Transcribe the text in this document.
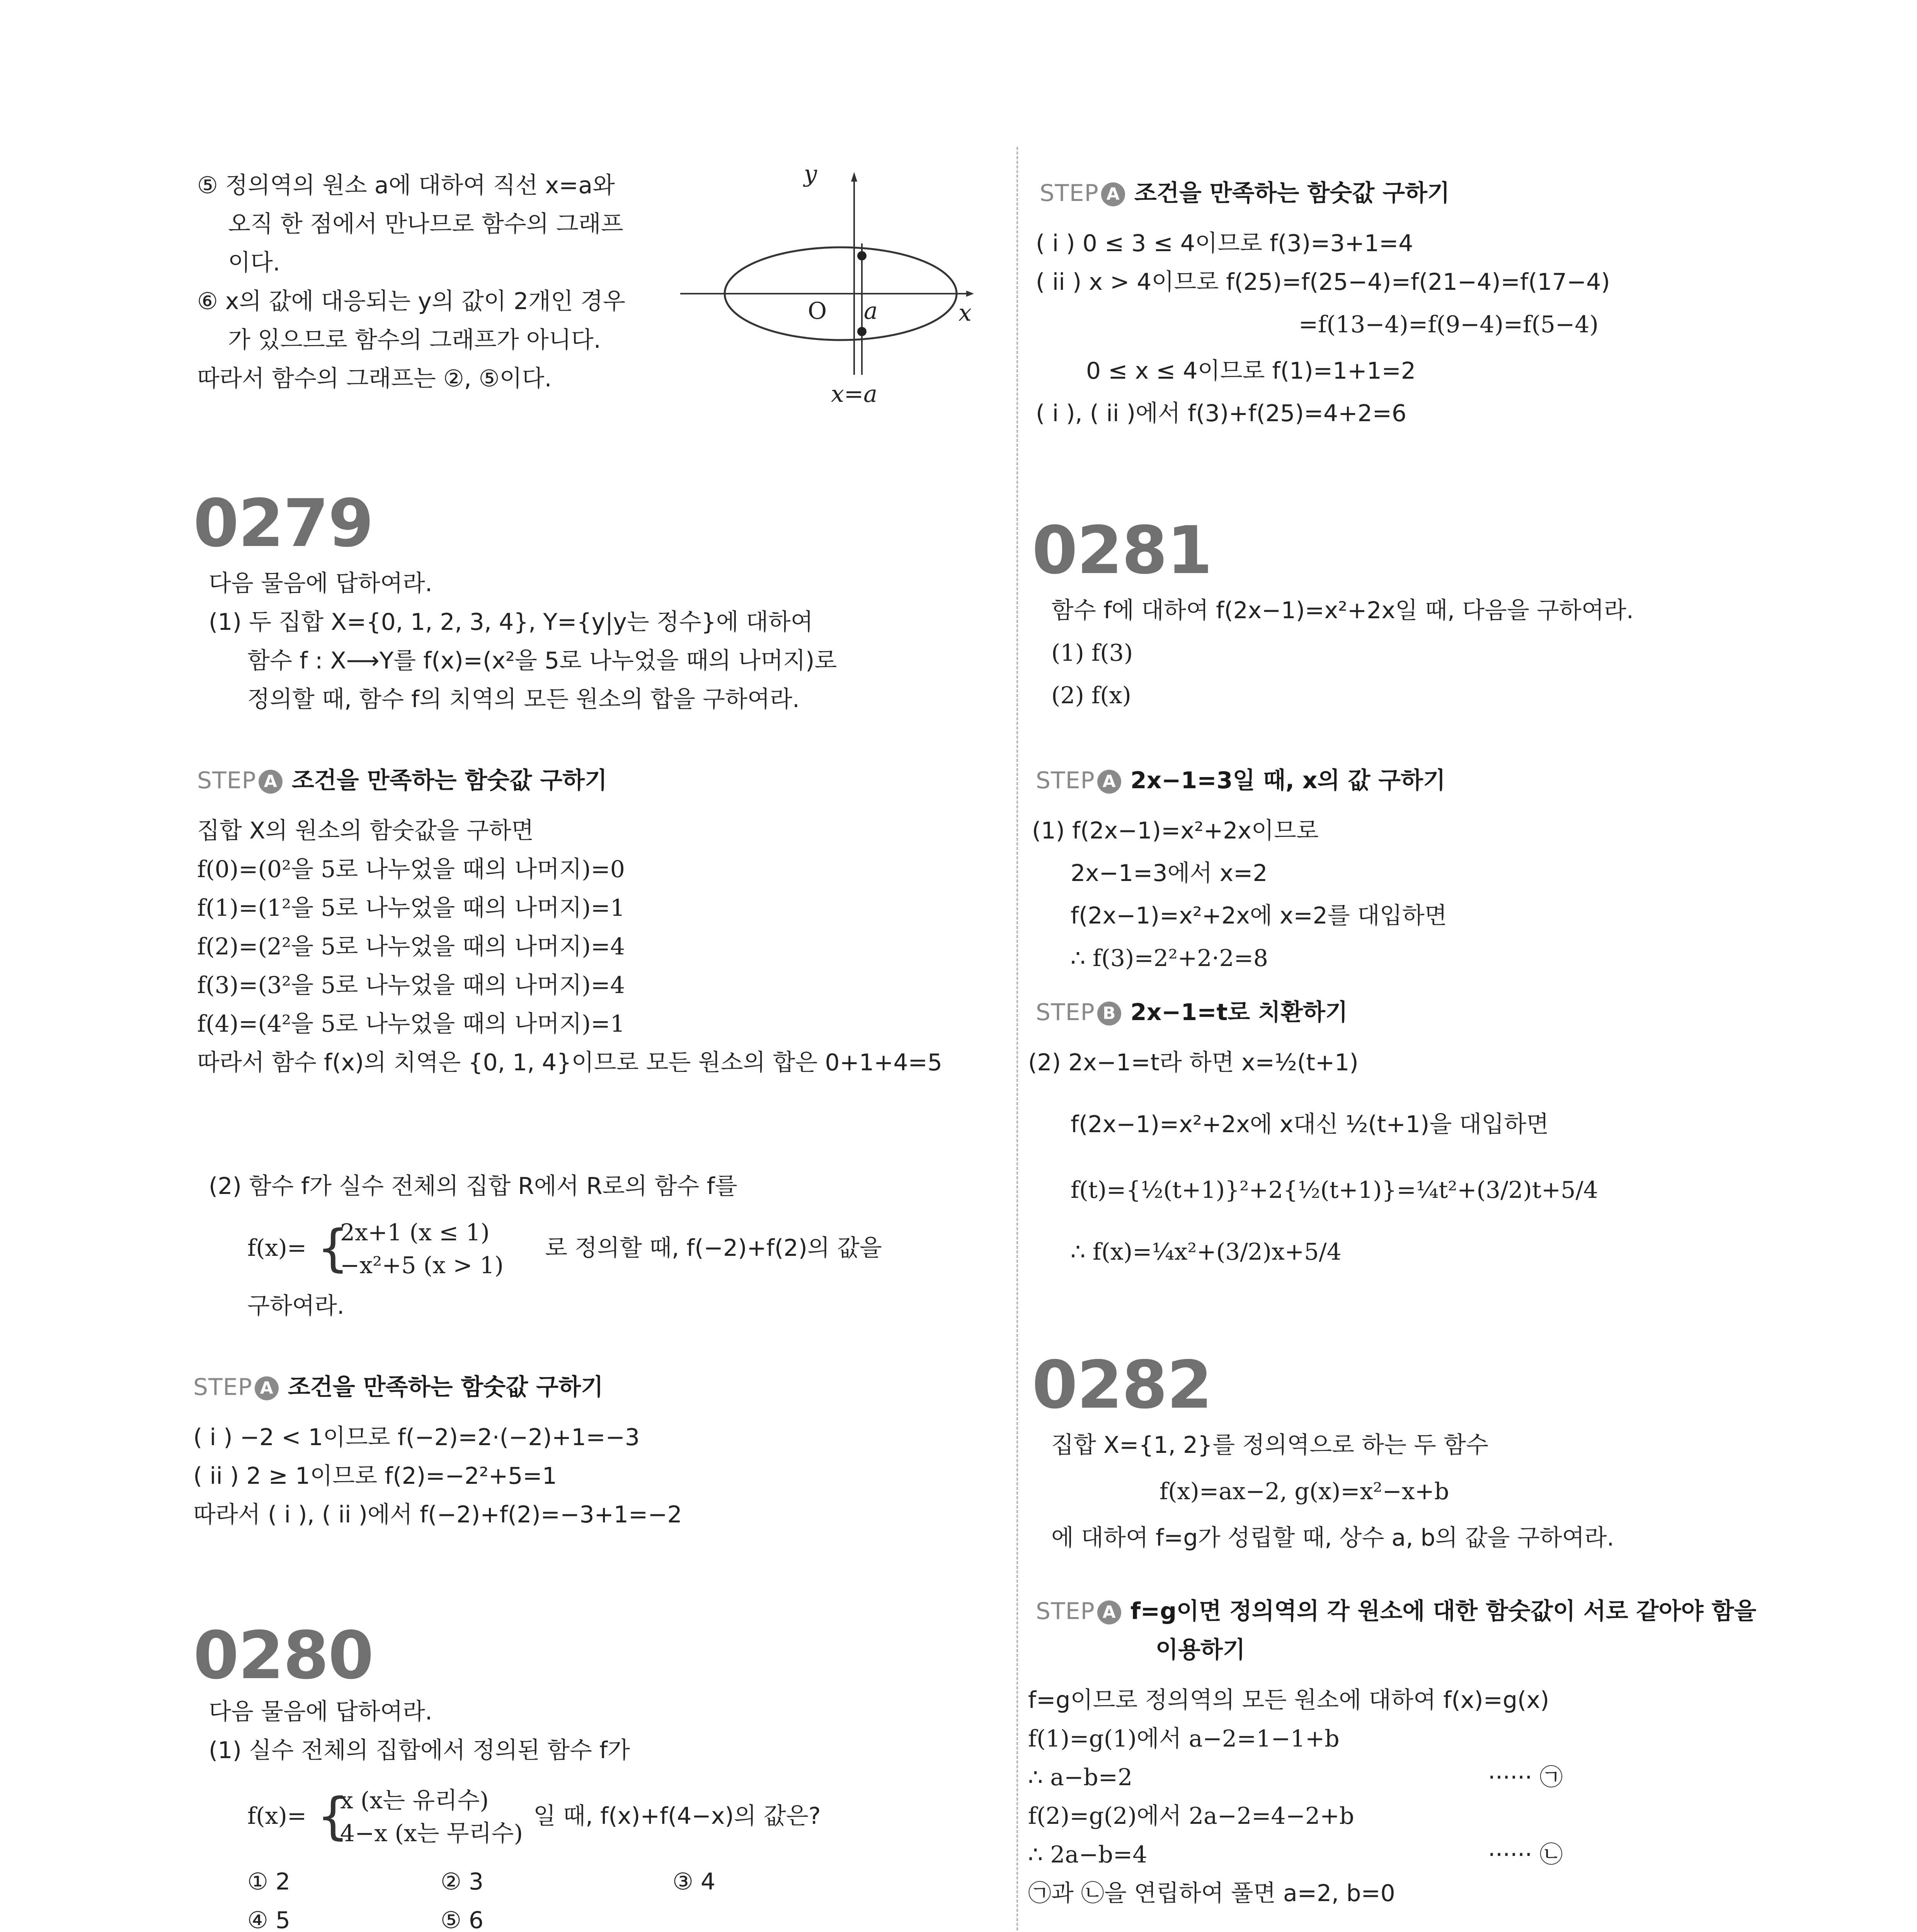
⑤ 정의역의 원소 a에 대하여 직선 x=a와
오직 한 점에서 만나므로 함수의 그래프
이다.
⑥ x의 값에 대응되는 y의 값이 2개인 경우
가 있으므로 함수의 그래프가 아니다.
따라서 함수의 그래프는 ②, ⑤이다.
y
x
O a
x=a
0279
다음 물음에 답하여라.
(1) 두 집합 X={0, 1, 2, 3, 4}, Y={y|y는 정수}에 대하여
함수 f : X⟶Y를 f(x)=(x²을 5로 나누었을 때의 나머지)로
정의할 때, 함수 f의 치역의 모든 원소의 합을 구하여라.
STEP A 조건을 만족하는 함숫값 구하기
집합 X의 원소의 함숫값을 구하면
f(0)=(0²을 5로 나누었을 때의 나머지)=0
f(1)=(1²을 5로 나누었을 때의 나머지)=1
f(2)=(2²을 5로 나누었을 때의 나머지)=4
f(3)=(3²을 5로 나누었을 때의 나머지)=4
f(4)=(4²을 5로 나누었을 때의 나머지)=1
따라서 함수 f(x)의 치역은 {0, 1, 4}이므로 모든 원소의 합은 0+1+4=5
(2) 함수 f가 실수 전체의 집합 R에서 R로의 함수 f를
f(x)= {
2x+1 (x ≤ 1)
−x²+5 (x > 1)
로 정의할 때, f(−2)+f(2)의 값을
구하여라.
STEP A 조건을 만족하는 함숫값 구하기
( i ) −2 < 1이므로 f(−2)=2·(−2)+1=−3
( ii ) 2 ≥ 1이므로 f(2)=−2²+5=1
따라서 ( i ), ( ii )에서 f(−2)+f(2)=−3+1=−2
0280
다음 물음에 답하여라.
(1) 실수 전체의 집합에서 정의된 함수 f가
f(x)= {
x (x는 유리수)
4−x (x는 무리수)
일 때, f(x)+f(4−x)의 값은?
① 2	② 3	③ 4
④ 5	⑤ 6
STEP A 조건을 만족하는 함숫값 구하기
( i ) 0 ≤ 3 ≤ 4이므로 f(3)=3+1=4
( ii ) x > 4이므로 f(25)=f(25−4)=f(21−4)=f(17−4)
=f(13−4)=f(9−4)=f(5−4)
0 ≤ x ≤ 4이므로 f(1)=1+1=2
( i ), ( ii )에서 f(3)+f(25)=4+2=6
0281
함수 f에 대하여 f(2x−1)=x²+2x일 때, 다음을 구하여라.
(1) f(3)
(2) f(x)
STEP A 2x−1=3일 때, x의 값 구하기
(1) f(2x−1)=x²+2x이므로
2x−1=3에서 x=2
f(2x−1)=x²+2x에 x=2를 대입하면
∴ f(3)=2²+2·2=8
STEP B 2x−1=t로 치환하기
(2) 2x−1=t라 하면 x=½(t+1)
f(2x−1)=x²+2x에 x대신 ½(t+1)을 대입하면
f(t)={½(t+1)}²+2{½(t+1)}=¼t²+(3/2)t+5/4
∴ f(x)=¼x²+(3/2)x+5/4
0282
집합 X={1, 2}를 정의역으로 하는 두 함수
f(x)=ax−2, g(x)=x²−x+b
에 대하여 f=g가 성립할 때, 상수 a, b의 값을 구하여라.
STEP A f=g이면 정의역의 각 원소에 대한 함숫값이 서로 같아야 함을
이용하기
f=g이므로 정의역의 모든 원소에 대하여 f(x)=g(x)
f(1)=g(1)에서 a−2=1−1+b
∴ a−b=2	······ ㉠
f(2)=g(2)에서 2a−2=4−2+b
∴ 2a−b=4	······ ㉡
㉠과 ㉡을 연립하여 풀면 a=2, b=0
